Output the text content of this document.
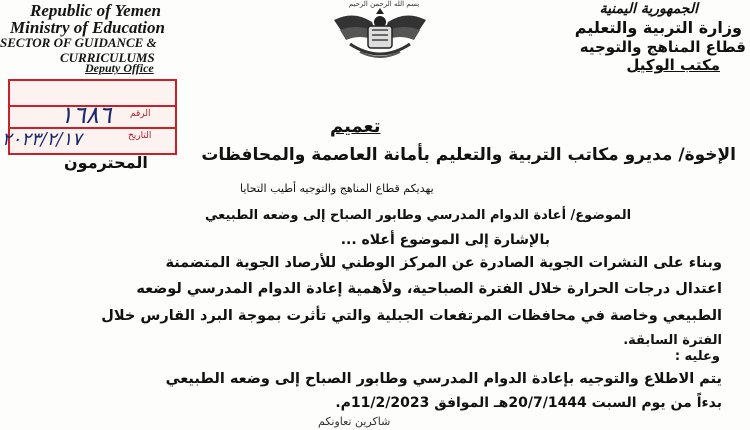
Republic of Yemen
Ministry of Education
SECTOR OF GUIDANCE &
CURRICULUMS
Deputy Office
بسم الله الرحمن الرحيم	الجمهورية اليمنية
وزارة التربية والتعليم
قطاع المناهج والتوجيه
مكتب الوكيل
الرقم
التاريخ
١٦٨٦
٢٠٢٣/٢/١٧
تعميم
الإخوة/ مديرو مكاتب التربية والتعليم بأمانة العاصمة والمحافظات
المحترمون
يهديكم قطاع المناهج والتوجيه أطيب التحايا
الموضوع/ أعادة الدوام المدرسي وطابور الصباح إلى وضعه الطبيعي
بالإشارة إلى الموضوع أعلاه ...
وبناء على النشرات الجوية الصادرة عن المركز الوطني للأرصاد الجوية المتضمنة
اعتدال درجات الحرارة خلال الفترة الصباحية، ولأهمية إعادة الدوام المدرسي لوضعه
الطبيعي وخاصة في محافظات المرتفعات الجبلية والتي تأثرت بموجة البرد القارس خلال
الفترة السابقة.
وعليه :
يتم الاطلاع والتوجيه بإعادة الدوام المدرسي وطابور الصباح إلى وضعه الطبيعي
بدءاً من يوم السبت 20/7/1444هـ الموافق 11/2/2023م.
شاكرين تعاونكم
